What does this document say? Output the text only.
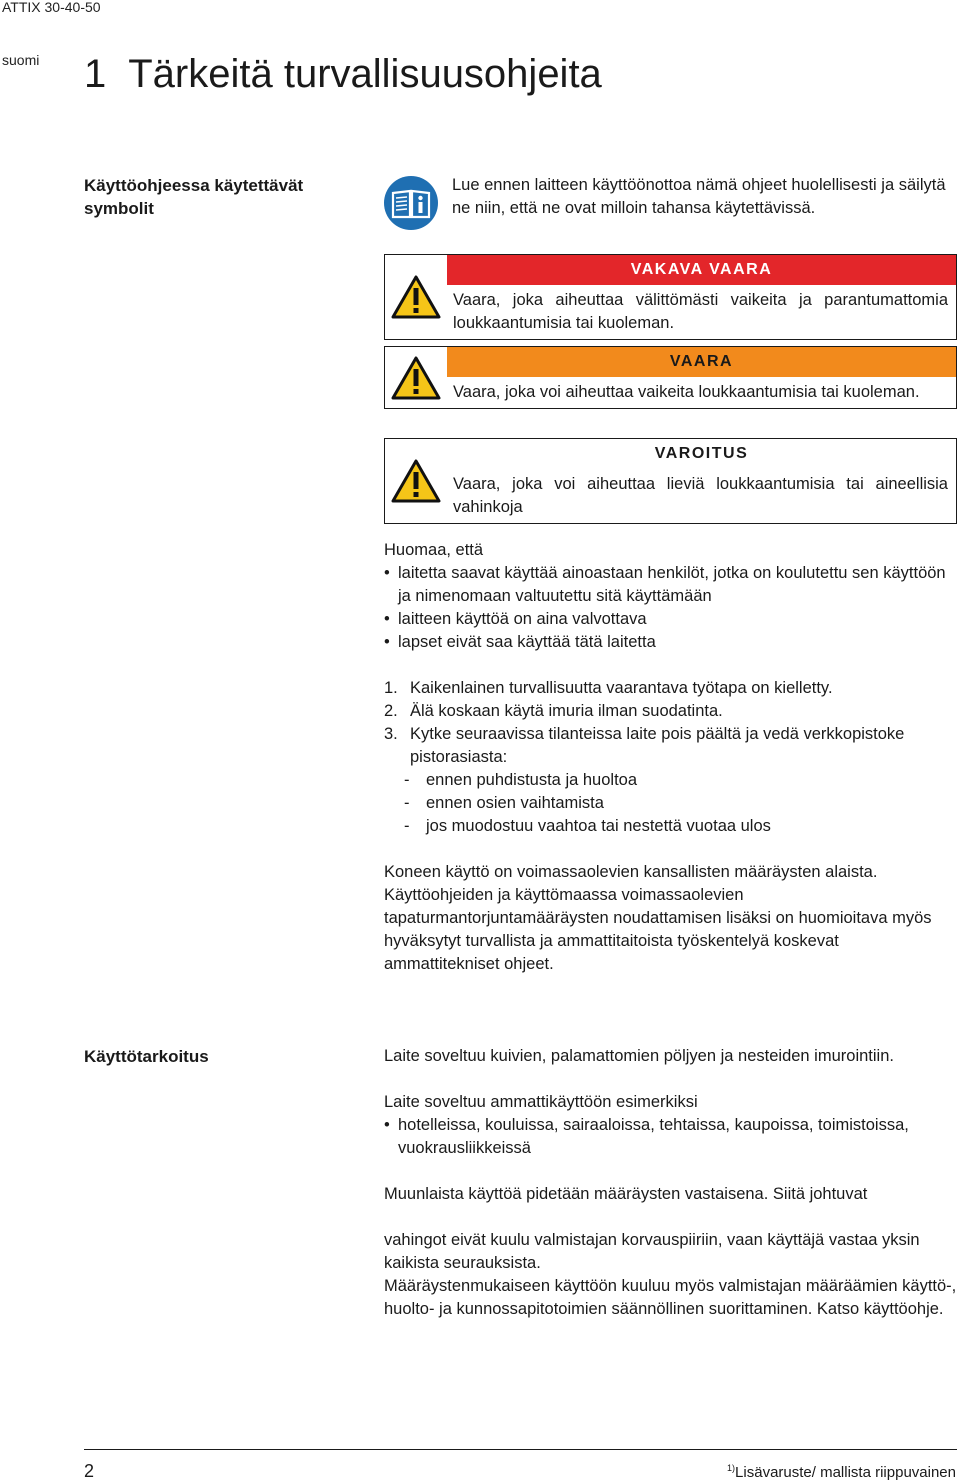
ATTIX 30-40-50
suomi 1 Tärkeitä turvallisuusohjeita
Käyttöohjeessa käytettävät
symbolit
Lue ennen laitteen käyttöönottoa nämä ohjeet huolellisesti ja säilytä ne niin, että ne ovat milloin tahansa käytettävissä.
VAKAVA VAARA
Vaara, joka aiheuttaa välittömästi vaikeita ja parantumattomia loukkaantumisia tai kuoleman.
VAARA
Vaara, joka voi aiheuttaa vaikeita loukkaantumisia tai kuoleman.
VAROITUS
Vaara, joka voi aiheuttaa lieviä loukkaantumisia tai aineellisia vahinkoja
Huomaa, että
• laitetta saavat käyttää ainoastaan henkilöt, jotka on koulutettu sen käyttöön ja nimenomaan valtuutettu sitä käyttämään
• laitteen käyttöä on aina valvottava
• lapset eivät saa käyttää tätä laitetta
1. Kaikenlainen turvallisuutta vaarantava työtapa on kielletty.
2. Älä koskaan käytä imuria ilman suodatinta.
3. Kytke seuraavissa tilanteissa laite pois päältä ja vedä verkkopistoke pistorasiasta:
-	ennen puhdistusta ja huoltoa
-	ennen osien vaihtamista
-	jos muodostuu vaahtoa tai nestettä vuotaa ulos
Koneen käyttö on voimassaolevien kansallisten määräysten alaista.
Käyttöohjeiden ja käyttömaassa voimassaolevien tapaturmantorjuntamääräysten noudattamisen lisäksi on huomioitava myös hyväksytyt turvallista ja ammattitaitoista työskentelyä koskevat ammattitekniset ohjeet.
Käyttötarkoitus	Laite soveltuu kuivien, palamattomien pöljyen ja nesteiden imurointiin.
Laite soveltuu ammattikäyttöön esimerkiksi
• hotelleissa, kouluissa, sairaaloissa, tehtaissa, kaupoissa, toimistoissa, vuokrausliikkeissä
Muunlaista käyttöä pidetään määräysten vastaisena. Siitä johtuvat
vahingot eivät kuulu valmistajan korvauspiiriin, vaan käyttäjä vastaa yksin kaikista seurauksista.
Määräystenmukaiseen käyttöön kuuluu myös valmistajan määräämien käyttö-, huolto- ja kunnossapitotoimien säännöllinen suorittaminen. Katso käyttöohje.
2	$^{1)}$Lisävaruste/ mallista riippuvainen
